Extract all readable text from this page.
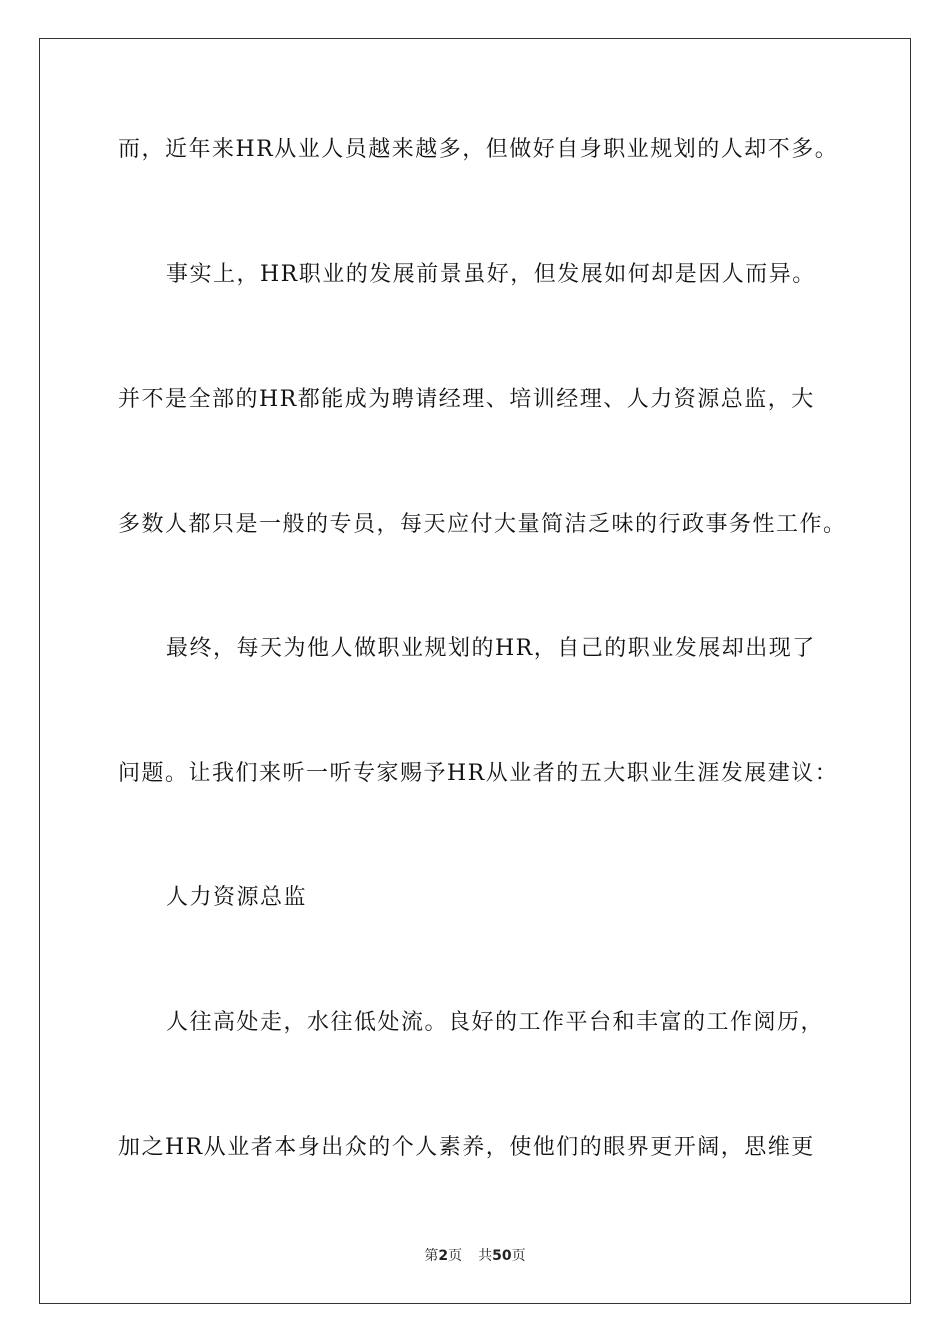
而，近年来HR从业人员越来越多，但做好自身职业规划的人却不多。
事实上，HR职业的发展前景虽好，但发展如何却是因人而异。
并不是全部的HR都能成为聘请经理、培训经理、人力资源总监，大
多数人都只是一般的专员，每天应付大量简洁乏味的行政事务性工作。
最终，每天为他人做职业规划的HR，自己的职业发展却出现了
问题。让我们来听一听专家赐予HR从业者的五大职业生涯发展建议：
人力资源总监
人往高处走，水往低处流。良好的工作平台和丰富的工作阅历，
加之HR从业者本身出众的个人素养，使他们的眼界更开阔，思维更
第2页 共50页
